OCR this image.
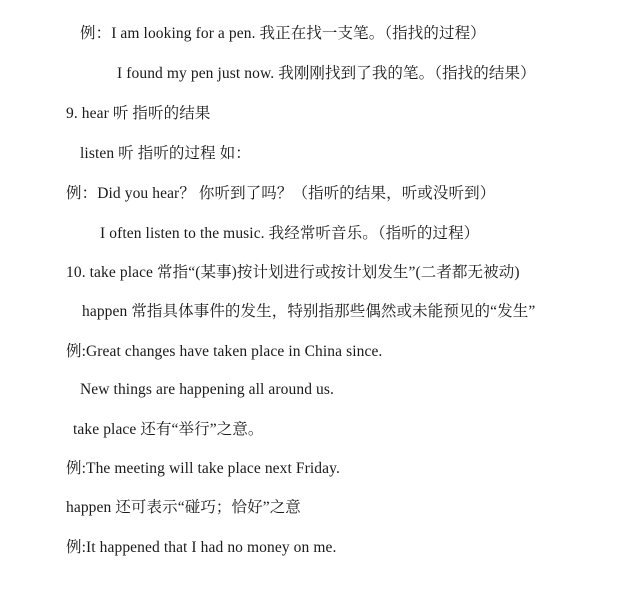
例：I am looking for a pen. 我正在找一支笔。（指找的过程）
I found my pen just now. 我刚刚找到了我的笔。（指找的结果）
9. hear 听 指听的结果
listen 听 指听的过程 如：
例：Did you hear？ 你听到了吗？（指听的结果，听或没听到）
I often listen to the music. 我经常听音乐。（指听的过程）
10. take place 常指“(某事)按计划进行或按计划发生”(二者都无被动)
happen 常指具体事件的发生，特别指那些偶然或未能预见的“发生”
例:Great changes have taken place in China since.
New things are happening all around us.
take place 还有“举行”之意。
例:The meeting will take place next Friday.
happen 还可表示“碰巧；恰好”之意
例:It happened that I had no money on me.
